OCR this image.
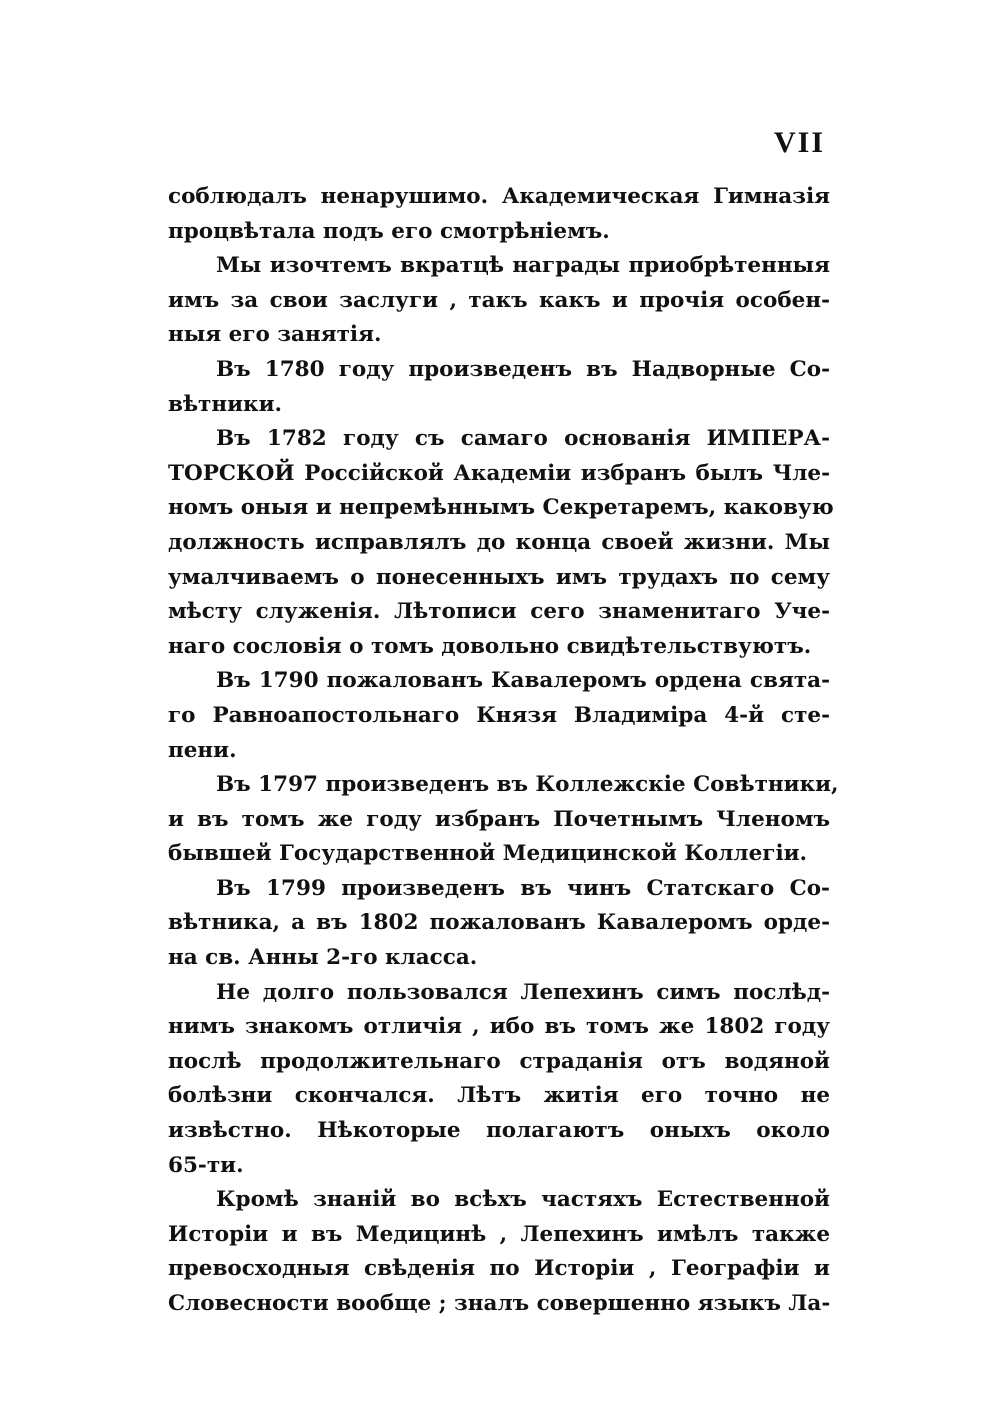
VII
соблюдалъ ненарушимо. Академическая Гимназія
процвѣтала подъ его смотрѣніемъ.
Мы изочтемъ вкратцѣ награды приобрѣтенныя
имъ за свои заслуги , такъ какъ и прочія особен-
ныя его занятія.
Въ 1780 году произведенъ въ Надворные Со-
вѣтники.
Въ 1782 году съ самаго основанія ИМПЕРА-
ТОРСКОЙ Россійской Академіи избранъ былъ Чле-
номъ оныя и непремѣннымъ Секретаремъ, каковую
должность исправлялъ до конца своей жизни. Мы
умалчиваемъ о понесенныхъ имъ трудахъ по сему
мѣсту служенія. Лѣтописи сего знаменитаго Уче-
наго сословія о томъ довольно свидѣтельствуютъ.
Въ 1790 пожалованъ Кавалеромъ ордена свята-
го Равноапостольнаго Князя Владиміра 4-й сте-
пени.
Въ 1797 произведенъ въ Коллежскіе Совѣтники,
и въ томъ же году избранъ Почетнымъ Членомъ
бывшей Государственной Медицинской Коллегіи.
Въ 1799 произведенъ въ чинъ Статскаго Со-
вѣтника, а въ 1802 пожалованъ Кавалеромъ орде-
на св. Анны 2-го класса.
Не долго пользовался Лепехинъ симъ послѣд-
нимъ знакомъ отличія , ибо въ томъ же 1802 году
послѣ продолжительнаго страданія отъ водяной
болѣзни скончался. Лѣтъ житія его точно не
извѣстно. Нѣкоторые полагаютъ оныхъ около
65-ти.
Кромѣ знаній во всѣхъ частяхъ Естественной
Исторіи и въ Медицинѣ , Лепехинъ имѣлъ также
превосходныя свѣденія по Исторіи , Географіи и
Словесности вообще ; зналъ совершенно языкъ Ла-
